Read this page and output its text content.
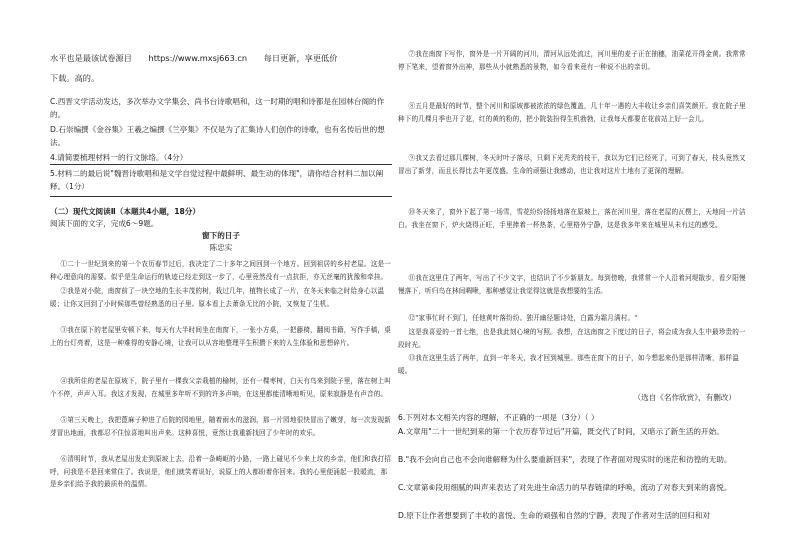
水平也是最该试卷源目 https://www.mxsj663.cn 每日更新，享更低价
下载。高的。
C.西晋文学活动发达，多次举办文学集会、尚书台诗歌唱和，这一时期的唱和诗都是在园林台阁的作的。
D.石崇编撰《金谷集》王羲之编撰《兰亭集》不仅是为了汇集诗人们创作的诗歌，也有名传后世的想法。
4.请简要梳理材料一的行文脉络。（4分）
5.材料二的最后说"魏晋诗歌唱和是文学自觉过程中最鲜明、最生动的体现"，请你结合材料二加以阐释。（1分）
（二）现代文阅读Ⅱ（本题共4小题，18分）
阅读下面的文字，完成6～9题。
窗下的日子
陈忠实
①二十一世纪到来的第一个农历春节过后，我决定了二十多年之间回到一个地方。回到祖居的乡村老屋。这是一种心理意向的需要。似乎是生命运行的轨迹已经走到这一步了，心里竟然没有一点抗拒，亦无丝毫的犹豫和牵挂。
②我是对小院，南窗前了一块空地的生长丰茂的树，栽过几年，植物长成了一片，在冬天来临之时给身心以温暖；让你又回到了小时候那些曾经熟悉的日子里。原本看上去萧条无比的小院，又恢复了生机。
③我在原下的老屋里安顿下来，每天有大半时间坐在南窗下，一张小方桌，一把藤椅，翻阅书籍，写作手稿，桌上的台灯亮着，这是一种难得的安静心境，让我可以从容地整理平生积攒下来的人生体验和思想碎片。
④我所住的老屋在原坡下，院子里有一棵我父亲栽植的榆树，还有一棵枣树，白天有鸟来到院子里，落在树上叫个不停，声声入耳。我这才发现，在城里多年听不到的许多声响，在这里都能清晰地听见，原来寂静是有声音的。
⑤第三天晚上，我把蓖麻子种进了后院的园地里，随着雨水的滋润，那一片园地很快冒出了嫩芽，每一次发现新芽冒出地面，我都忍不住惊喜地叫出声来。这种喜悦，竟然让我重新找回了少年时的欢乐。
⑥清明时节，我从老屋出发走到原坡上去，沿着一条崎岖的小路，一路上碰见不少来上坟的乡亲，他们和我打招呼，问我是不是回来常住了。我说是，他们就笑着说好，说原上的人都盼着你回来。我的心里便涌起一股暖流，那是乡亲们给予我的最质朴的温情。
⑦我在南窗下写作，窗外是一片开阔的河川，渭河从远处流过，河川里的麦子正在抽穗，油菜花开得金黄。我常常停下笔来，望着窗外出神，那些从小就熟悉的景物，如今看来竟有一种说不出的亲切。
⑧五月是最好的时节，整个河川和原坡都被浓浓的绿色覆盖，几十年一遇的大丰收让乡亲们喜笑颜开。我在院子里种下的几棵月季也开了花，红的黄的粉的，把小院装扮得生机勃勃，让我每天都要在花前站上好一会儿。
⑨我又去看过那几棵树，冬天时叶子落尽，只剩下光秃秃的枝干，我以为它们已经死了，可到了春天，枝头竟然又冒出了新芽，而且长得比去年更茂盛。生命的顽强让我感动，也让我对这片土地有了更深的理解。
⑩冬天来了，窗外下起了第一场雪，雪花纷纷扬扬地落在原坡上，落在河川里，落在老屋的瓦楞上，天地间一片洁白。我坐在窗下，炉火烧得正旺，手里捧着一杯热茶，心里格外宁静，这是我多年来在城里从未有过的感受。
⑪我在这里住了两年，写出了不少文字，也结识了不少新朋友。每到傍晚，我常常一个人沿着河堤散步，看夕阳慢慢落下，听归鸟在林间啁啾，那种感觉让我觉得这就是我想要的生活。
⑫"家事忙时不到门，任他黄叶落纷纷。独开幽径题诗处，白露为霜月满村。"
这是我喜爱的一首七绝，也是我此刻心境的写照。我想，在这南窗之下度过的日子，将会成为我人生中最珍贵的一段时光。
⑬我在这里生活了两年，直到一年冬天，我才回到城里。那些在窗下的日子，如今想起来仍是那样清晰，那样温暖。
（选自《名作欣赏》，有删改）
6.下列对本文相关内容的理解，不正确的一项是（3分）（ ）
A.文章用"二十一世纪到来的第一个农历春节过后"开篇，既交代了时间，又暗示了新生活的开始。
B."我不会向自己也不会向谁解释为什么要重新回来"，表现了作者面对现实时的迷茫和彷徨的无助。
C.文章第⑥段用细腻的叫声来表达了对先进生命活力的早春链律的呼唤，流动了对春天到来的喜悦。
D.原下让作者想要到了丰收的喜悦、生命的顽强和自然的宁静，表现了作者对生活的回归和对
